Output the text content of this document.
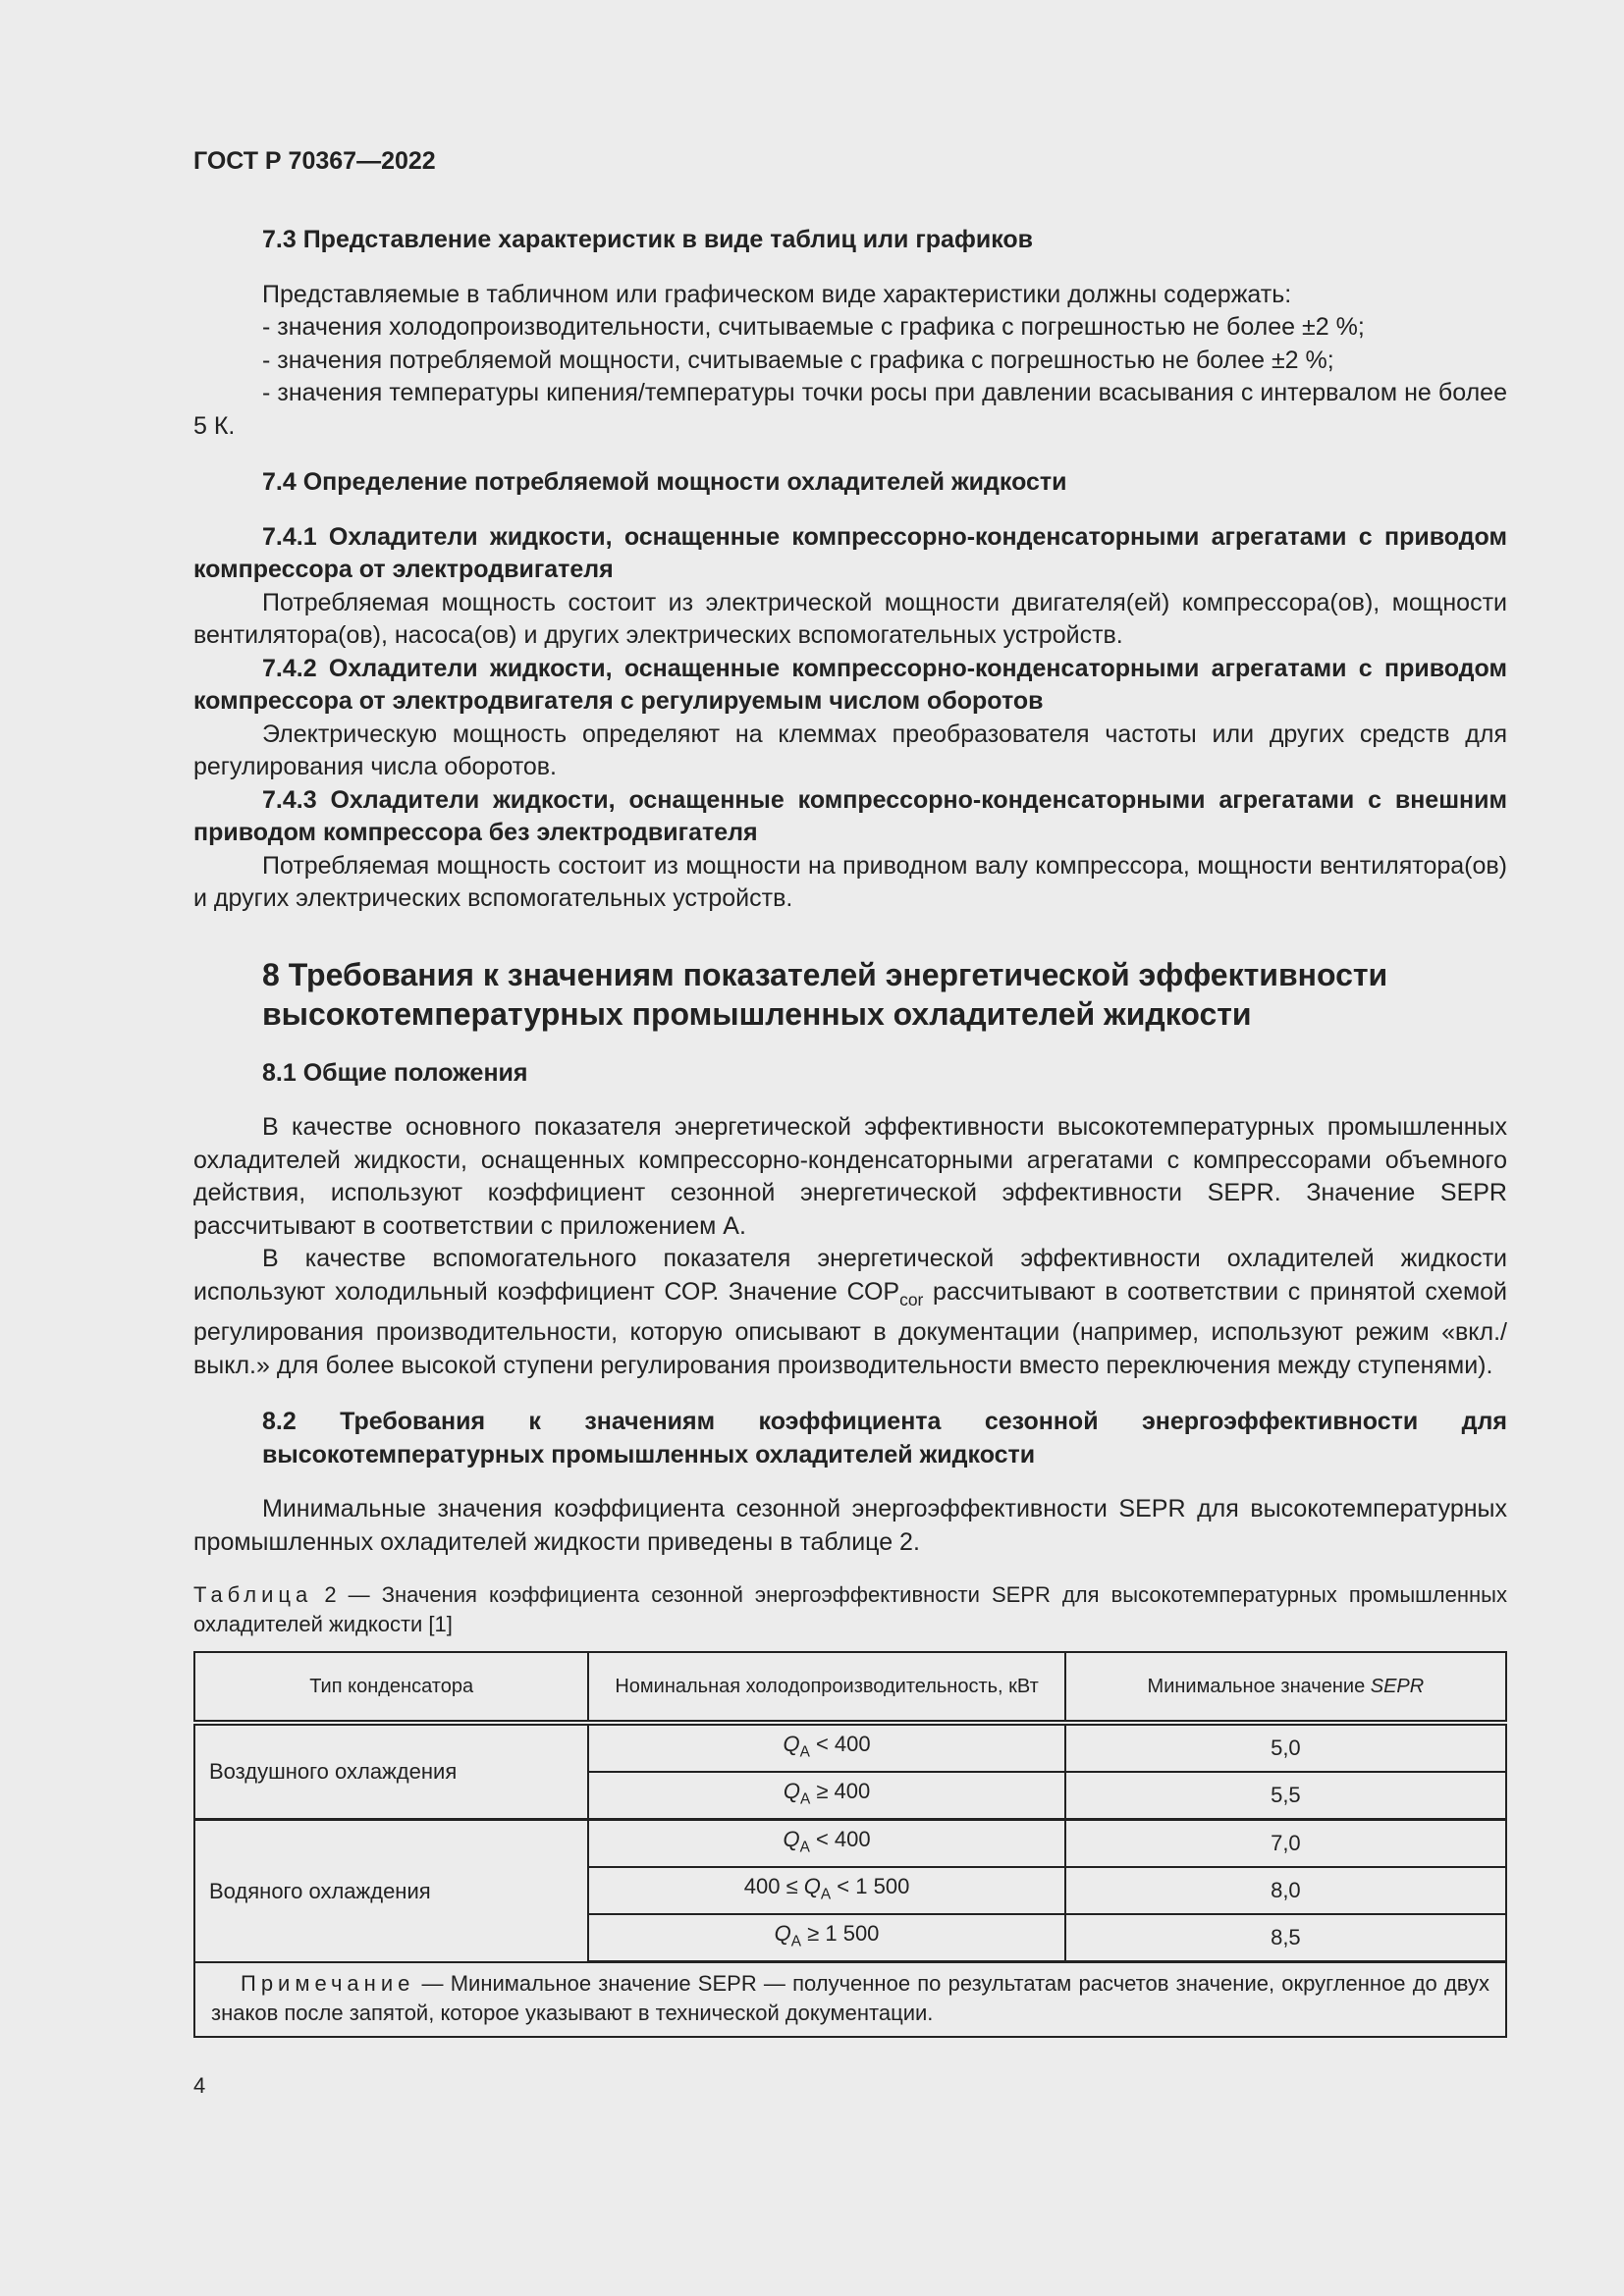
ГОСТ Р 70367—2022

7.3 Представление характеристик в виде таблиц или графиков

Представляемые в табличном или графическом виде характеристики должны содержать:

- значения холодопроизводительности, считываемые с графика с погрешностью не более ±2 %;

- значения потребляемой мощности, считываемые с графика с погрешностью не более ±2 %;

- значения температуры кипения/температуры точки росы при давлении всасывания с интервалом не более 5 К.

7.4 Определение потребляемой мощности охладителей жидкости

7.4.1 Охладители жидкости, оснащенные компрессорно-конденсаторными агрегатами с приводом компрессора от электродвигателя

Потребляемая мощность состоит из электрической мощности двигателя(ей) компрессора(ов), мощности вентилятора(ов), насоса(ов) и других электрических вспомогательных устройств.

7.4.2 Охладители жидкости, оснащенные компрессорно-конденсаторными агрегатами с приводом компрессора от электродвигателя с регулируемым числом оборотов

Электрическую мощность определяют на клеммах преобразователя частоты или других средств для регулирования числа оборотов.

7.4.3 Охладители жидкости, оснащенные компрессорно-конденсаторными агрегатами с внешним приводом компрессора без электродвигателя

Потребляемая мощность состоит из мощности на приводном валу компрессора, мощности вентилятора(ов) и других электрических вспомогательных устройств.

8 Требования к значениям показателей энергетической эффективности
высокотемпературных промышленных охладителей жидкости

8.1 Общие положения

В качестве основного показателя энергетической эффективности высокотемпературных промышленных охладителей жидкости, оснащенных компрессорно-конденсаторными агрегатами с компрессорами объемного действия, используют коэффициент сезонной энергетической эффективности SEPR. Значение SEPR рассчитывают в соответствии с приложением А.

В качестве вспомогательного показателя энергетической эффективности охладителей жидкости используют холодильный коэффициент СОР. Значение $СОР_{cor}$ рассчитывают в соответствии с принятой схемой регулирования производительности, которую описывают в документации (например, используют режим «вкл./выкл.» для более высокой ступени регулирования производительности вместо переключения между ступенями).

8.2 Требования к значениям коэффициента сезонной энергоэффективности для высокотемпературных промышленных охладителей жидкости

Минимальные значения коэффициента сезонной энергоэффективности SEPR для высокотемпературных промышленных охладителей жидкости приведены в таблице 2.

Таблица 2 — Значения коэффициента сезонной энергоэффективности SEPR для высокотемпературных промышленных охладителей жидкости [1]

Тип конденсатора	Номинальная холодопроизводительность, кВт	Минимальное значение SEPR
Воздушного охлаждения	$Q_A < 400$	5,0
	$Q_A \ge 400$	5,5
Водяного охлаждения	$Q_A < 400$	7,0
	$400 \le Q_A < 1$ 500	8,0
	$Q_A \ge 1$ 500	8,5
Примечание — Минимальное значение SEPR — полученное по результатам расчетов значение, округленное до двух знаков после запятой, которое указывают в технической документации.		
4
